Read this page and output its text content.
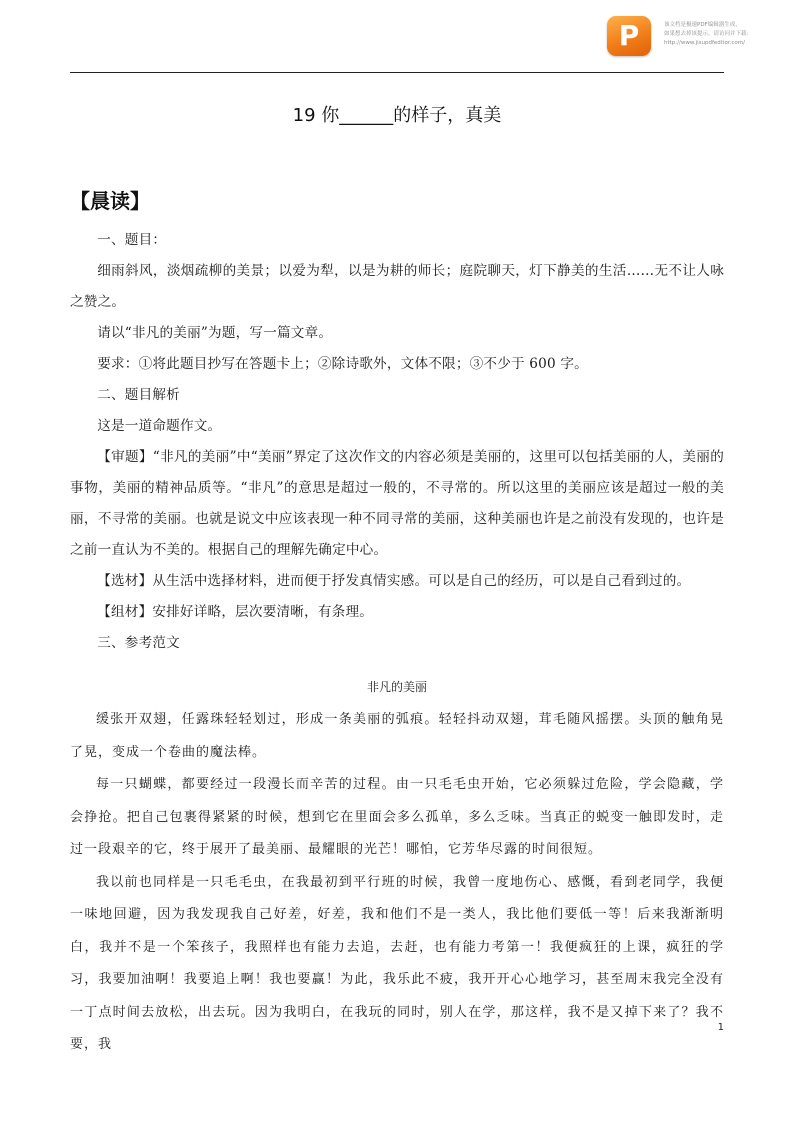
P	该文档是极速PDF编辑器生成，
如果想去掉该提示，请访问并下载：
http://www.jisupdfeditor.com/
19 你______的样子，真美
【晨读】

一、题目：

细雨斜风，淡烟疏柳的美景；以爱为犁，以是为耕的师长；庭院聊天，灯下静美的生活……无不让人咏之赞之。

请以“非凡的美丽”为题，写一篇文章。

要求：①将此题目抄写在答题卡上；②除诗歌外，文体不限；③不少于 600 字。

二、题目解析

这是一道命题作文。

【审题】“非凡的美丽”中“美丽”界定了这次作文的内容必须是美丽的，这里可以包括美丽的人，美丽的事物，美丽的精神品质等。“非凡”的意思是超过一般的，不寻常的。所以这里的美丽应该是超过一般的美丽，不寻常的美丽。也就是说文中应该表现一种不同寻常的美丽，这种美丽也许是之前没有发现的，也许是之前一直认为不美的。根据自己的理解先确定中心。

【选材】从生活中选择材料，进而便于抒发真情实感。可以是自己的经历，可以是自己看到过的。

【组材】安排好详略，层次要清晰，有条理。

三、参考范文

非凡的美丽

缓张开双翅，任露珠轻轻划过，形成一条美丽的弧痕。轻轻抖动双翅，茸毛随风摇摆。头顶的触角晃了晃，变成一个卷曲的魔法棒。

每一只蝴蝶，都要经过一段漫长而辛苦的过程。由一只毛毛虫开始，它必须躲过危险，学会隐藏，学会挣抢。把自己包裹得紧紧的时候，想到它在里面会多么孤单，多么乏味。当真正的蜕变一触即发时，走过一段艰辛的它，终于展开了最美丽、最耀眼的光芒！哪怕，它芳华尽露的时间很短。

我以前也同样是一只毛毛虫，在我最初到平行班的时候，我曾一度地伤心、感慨，看到老同学，我便一味地回避，因为我发现我自己好差，好差，我和他们不是一类人，我比他们要低一等！后来我渐渐明白，我并不是一个笨孩子，我照样也有能力去追，去赶，也有能力考第一！我便疯狂的上课，疯狂的学习，我要加油啊！我要追上啊！我也要赢！为此，我乐此不疲，我开开心心地学习，甚至周末我完全没有一丁点时间去放松，出去玩。因为我明白，在我玩的同时，别人在学，那这样，我不是又掉下来了？我不要，我

1
